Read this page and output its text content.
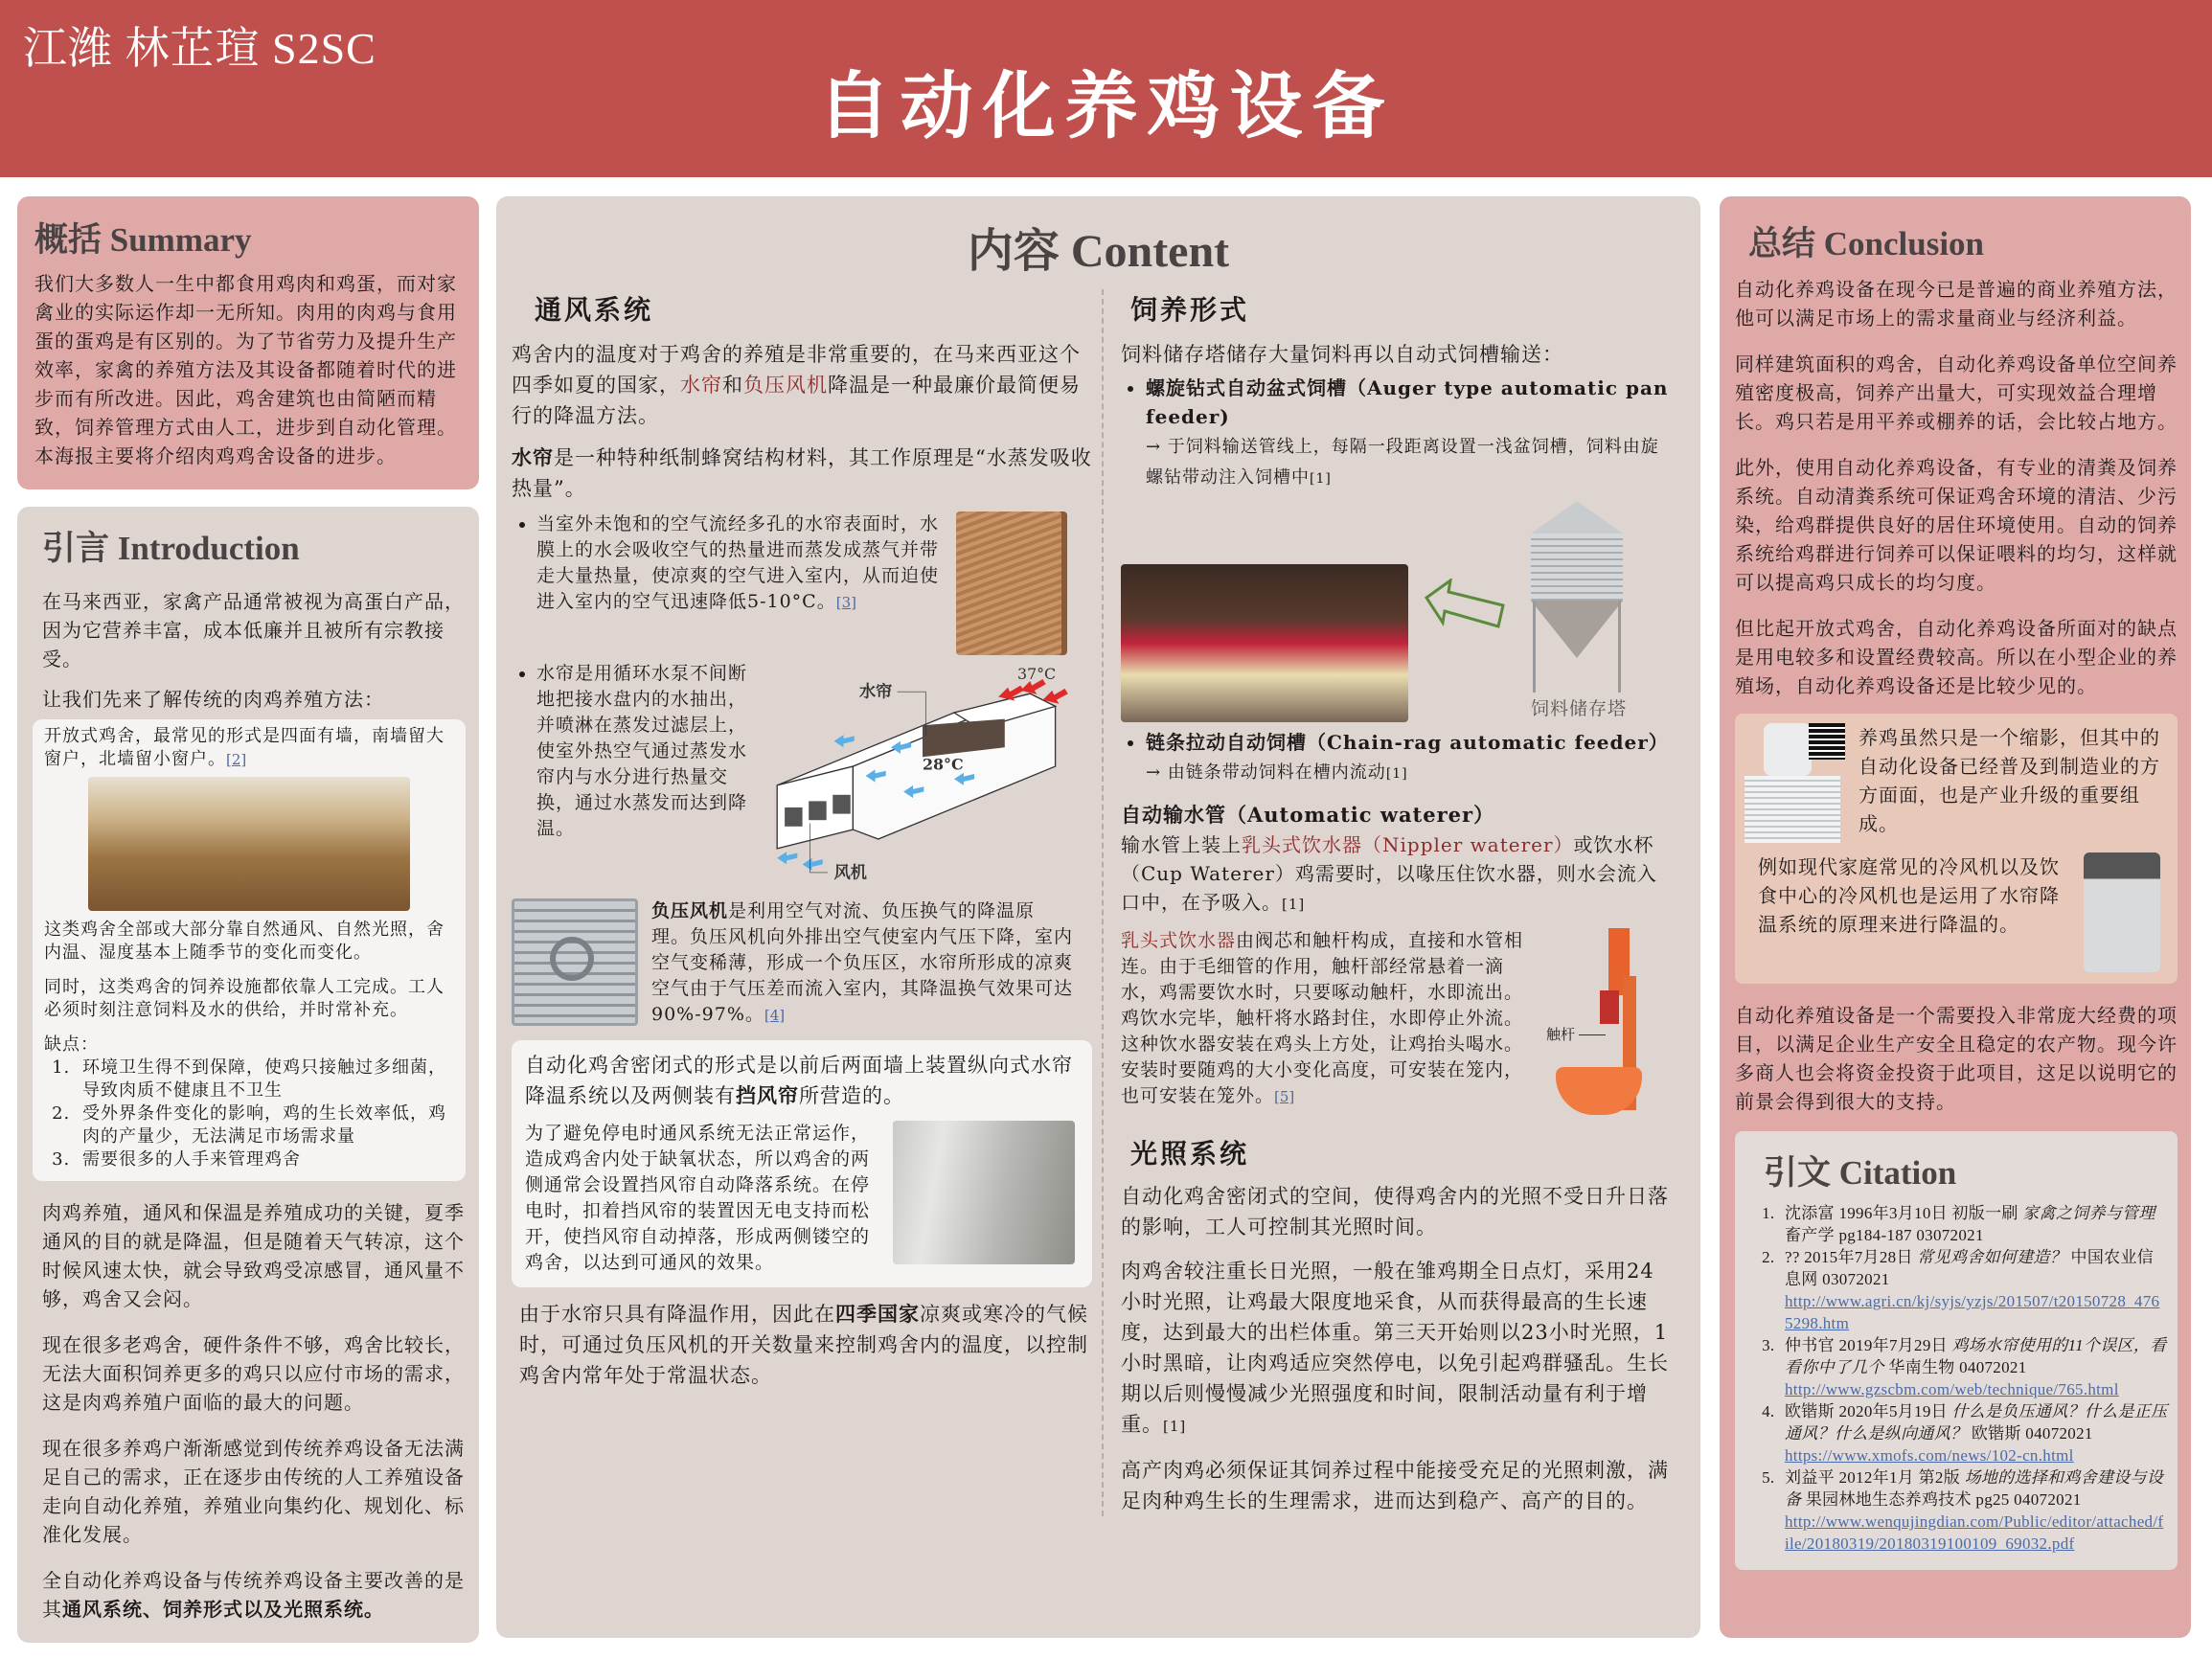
江潍 林芷瑄 S2SC
自动化养鸡设备
概括 Summary
我们大多数人一生中都食用鸡肉和鸡蛋，而对家禽业的实际运作却一无所知。肉用的肉鸡与食用蛋的蛋鸡是有区别的。为了节省劳力及提升生产效率，家禽的养殖方法及其设备都随着时代的进步而有所改进。因此，鸡舍建筑也由简陋而精致，饲养管理方式由人工，进步到自动化管理。本海报主要将介绍肉鸡鸡舍设备的进步。
引言 Introduction
在马来西亚，家禽产品通常被视为高蛋白产品，因为它营养丰富，成本低廉并且被所有宗教接受。
让我们先来了解传统的肉鸡养殖方法：
开放式鸡舍，最常见的形式是四面有墙，南墙留大窗户，北墙留小窗户。[2]
这类鸡舍全部或大部分靠自然通风、自然光照，舍内温、湿度基本上随季节的变化而变化。
同时，这类鸡舍的饲养设施都依靠人工完成。工人必须时刻注意饲料及水的供给，并时常补充。
缺点：
1. 环境卫生得不到保障，使鸡只接触过多细菌，导致肉质不健康且不卫生
2. 受外界条件变化的影响，鸡的生长效率低，鸡肉的产量少，无法满足市场需求量
3. 需要很多的人手来管理鸡舍
肉鸡养殖，通风和保温是养殖成功的关键，夏季通风的目的就是降温，但是随着天气转凉，这个时候风速太快，就会导致鸡受凉感冒，通风量不够，鸡舍又会闷。
现在很多老鸡舍，硬件条件不够，鸡舍比较长，无法大面积饲养更多的鸡只以应付市场的需求，这是肉鸡养殖户面临的最大的问题。
现在很多养鸡户渐渐感觉到传统养鸡设备无法满足自己的需求，正在逐步由传统的人工养殖设备走向自动化养殖，养殖业向集约化、规划化、标准化发展。
全自动化养鸡设备与传统养鸡设备主要改善的是其通风系统、饲养形式以及光照系统。
内容 Content
通风系统
鸡舍内的温度对于鸡舍的养殖是非常重要的，在马来西亚这个四季如夏的国家，水帘和负压风机降温是一种最廉价最简便易行的降温方法。
水帘是一种特种纸制蜂窝结构材料，其工作原理是“水蒸发吸收热量”。
• 当室外未饱和的空气流经多孔的水帘表面时，水膜上的水会吸收空气的热量进而蒸发成蒸气并带走大量热量，使凉爽的空气进入室内，从而迫使进入室内的空气迅速降低5-10°C。[3]
• 水帘是用循环水泵不间断地把接水盘内的水抽出，并喷淋在蒸发过滤层上，使室外热空气通过蒸发水帘内与水分进行热量交换，通过水蒸发而达到降温。
水帘
37°C
28°C
风机
负压风机是利用空气对流、负压换气的降温原理。负压风机向外排出空气使室内气压下降，室内空气变稀薄，形成一个负压区，水帘所形成的凉爽空气由于气压差而流入室内，其降温换气效果可达90%-97%。[4]
自动化鸡舍密闭式的形式是以前后两面墙上装置纵向式水帘降温系统以及两侧装有挡风帘所营造的。
为了避免停电时通风系统无法正常运作，造成鸡舍内处于缺氧状态，所以鸡舍的两侧通常会设置挡风帘自动降落系统。在停电时，扣着挡风帘的装置因无电支持而松开，使挡风帘自动掉落，形成两侧镂空的鸡舍，以达到可通风的效果。
由于水帘只具有降温作用，因此在四季国家凉爽或寒冷的气候时，可通过负压风机的开关数量来控制鸡舍内的温度，以控制鸡舍内常年处于常温状态。
饲养形式
饲料储存塔储存大量饲料再以自动式饲槽输送：
• 螺旋钻式自动盆式饲槽（Auger type automatic pan feeder)
→ 于饲料输送管线上，每隔一段距离设置一浅盆饲槽，饲料由旋螺钻带动注入饲槽中[1]
饲料储存塔
• 链条拉动自动饲槽（Chain-rag automatic feeder）
→ 由链条带动饲料在槽内流动[1]
自动输水管（Automatic waterer）
输水管上装上乳头式饮水器（Nippler waterer）或饮水杯（Cup Waterer）鸡需要时，以喙压住饮水器，则水会流入口中，在予吸入。[1]
乳头式饮水器由阀芯和触杆构成，直接和水管相连。由于毛细管的作用，触杆部经常悬着一滴水，鸡需要饮水时，只要啄动触杆，水即流出。鸡饮水完毕，触杆将水路封住，水即停止外流。这种饮水器安装在鸡头上方处，让鸡抬头喝水。安装时要随鸡的大小变化高度，可安装在笼内，也可安装在笼外。[5]
触杆
光照系统
自动化鸡舍密闭式的空间，使得鸡舍内的光照不受日升日落的影响，工人可控制其光照时间。
肉鸡舍较注重长日光照，一般在雏鸡期全日点灯，采用24小时光照，让鸡最大限度地采食，从而获得最高的生长速度，达到最大的出栏体重。第三天开始则以23小时光照，1小时黑暗，让肉鸡适应突然停电，以免引起鸡群骚乱。生长期以后则慢慢减少光照强度和时间，限制活动量有利于增重。[1]
高产肉鸡必须保证其饲养过程中能接受充足的光照刺激，满足肉种鸡生长的生理需求，进而达到稳产、高产的目的。
总结 Conclusion
自动化养鸡设备在现今已是普遍的商业养殖方法，他可以满足市场上的需求量商业与经济利益。
同样建筑面积的鸡舍，自动化养鸡设备单位空间养殖密度极高，饲养产出量大，可实现效益合理增长。鸡只若是用平养或棚养的话，会比较占地方。
此外，使用自动化养鸡设备，有专业的清粪及饲养系统。自动清粪系统可保证鸡舍环境的清洁、少污染，给鸡群提供良好的居住环境使用。自动的饲养系统给鸡群进行饲养可以保证喂料的均匀，这样就可以提高鸡只成长的均匀度。
但比起开放式鸡舍，自动化养鸡设备所面对的缺点是用电较多和设置经费较高。所以在小型企业的养殖场，自动化养鸡设备还是比较少见的。
养鸡虽然只是一个缩影，但其中的自动化设备已经普及到制造业的方方面面，也是产业升级的重要组成。
例如现代家庭常见的冷风机以及饮食中心的冷风机也是运用了水帘降温系统的原理来进行降温的。
自动化养殖设备是一个需要投入非常庞大经费的项目，以满足企业生产安全且稳定的农产物。现今许多商人也会将资金投资于此项目，这足以说明它的前景会得到很大的支持。
引文 Citation
1. 沈添富 1996年3月10日 初版一刷 家禽之饲养与管理 畜产学 pg184-187 03072021
2. ?? 2015年7月28日 常见鸡舍如何建造？ 中国农业信息网 03072021
http://www.agri.cn/kj/syjs/yzjs/201507/t20150728_4765298.htm
3. 仲书官 2019年7月29日 鸡场水帘使用的11个误区，看看你中了几个 华南生物 04072021
http://www.gzscbm.com/web/technique/765.html
4. 欧锴斯 2020年5月19日 什么是负压通风？什么是正压通风？什么是纵向通风？ 欧锴斯 04072021
https://www.xmofs.com/news/102-cn.html
5. 刘益平 2012年1月 第2版 场地的选择和鸡舍建设与设备 果园林地生态养鸡技术 pg25 04072021
http://www.wenqujingdian.com/Public/editor/attached/file/20180319/20180319100109_69032.pdf
